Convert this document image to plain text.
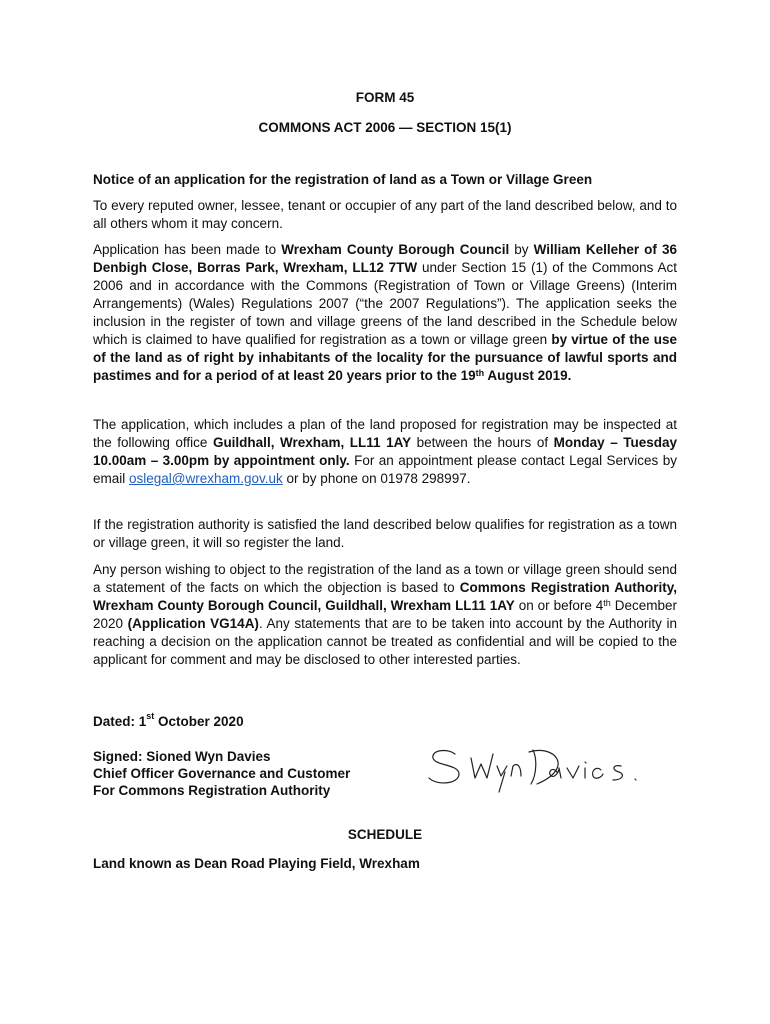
FORM 45
COMMONS ACT 2006 — SECTION 15(1)
Notice of an application for the registration of land as a Town or Village Green

To every reputed owner, lessee, tenant or occupier of any part of the land described below, and to all others whom it may concern.

Application has been made to Wrexham County Borough Council by William Kelleher of 36 Denbigh Close, Borras Park, Wrexham, LL12 7TW under Section 15 (1) of the Commons Act 2006 and in accordance with the Commons (Registration of Town or Village Greens) (Interim Arrangements) (Wales) Regulations 2007 (“the 2007 Regulations”). The application seeks the inclusion in the register of town and village greens of the land described in the Schedule below which is claimed to have qualified for registration as a town or village green by virtue of the use of the land as of right by inhabitants of the locality for the pursuance of lawful sports and pastimes and for a period of at least 20 years prior to the 19th August 2019.

The application, which includes a plan of the land proposed for registration may be inspected at the following office Guildhall, Wrexham, LL11 1AY between the hours of Monday – Tuesday 10.00am – 3.00pm by appointment only. For an appointment please contact Legal Services by email oslegal@wrexham.gov.uk or by phone on 01978 298997.

If the registration authority is satisfied the land described below qualifies for registration as a town or village green, it will so register the land.

Any person wishing to object to the registration of the land as a town or village green should send a statement of the facts on which the objection is based to Commons Registration Authority, Wrexham County Borough Council, Guildhall, Wrexham LL11 1AY on or before 4th December 2020 (Application VG14A). Any statements that are to be taken into account by the Authority in reaching a decision on the application cannot be treated as confidential and will be copied to the applicant for comment and may be disclosed to other interested parties.

Dated: 1st October 2020
Signed: Sioned Wyn Davies
Chief Officer Governance and Customer
For Commons Registration Authority
SCHEDULE
Land known as Dean Road Playing Field, Wrexham
